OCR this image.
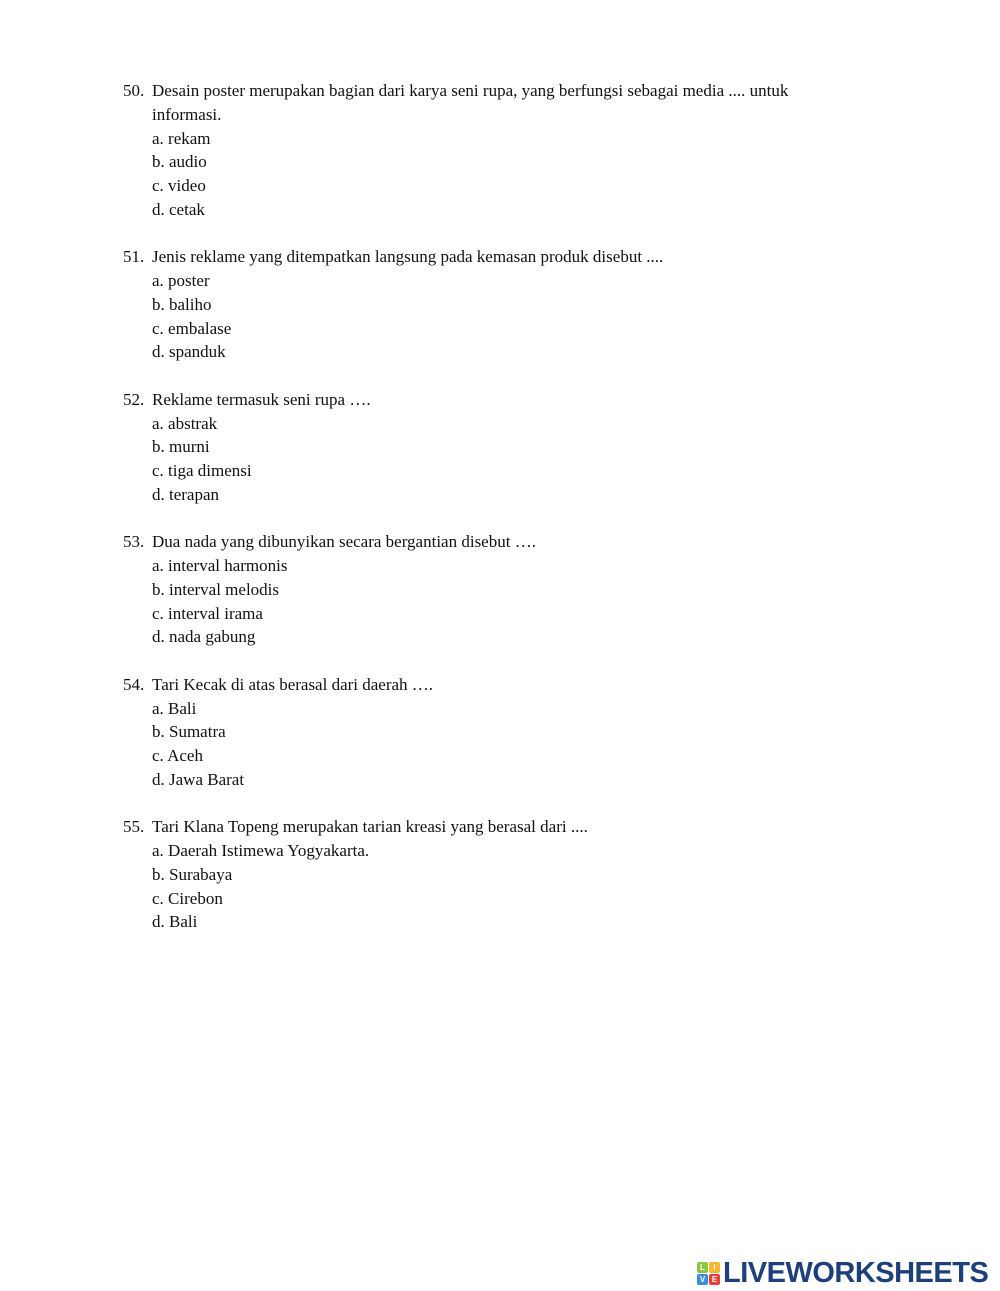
50. Desain poster merupakan bagian dari karya seni rupa, yang berfungsi sebagai media .... untuk informasi.
a. rekam
b. audio
c. video
d. cetak
51. Jenis reklame yang ditempatkan langsung pada kemasan produk disebut ....
a. poster
b. baliho
c. embalase
d. spanduk
52. Reklame termasuk seni rupa ….
a. abstrak
b. murni
c. tiga dimensi
d. terapan
53. Dua nada yang dibunyikan secara bergantian disebut ….
a. interval harmonis
b. interval melodis
c. interval irama
d. nada gabung
54. Tari Kecak di atas berasal dari daerah ….
a. Bali
b. Sumatra
c. Aceh
d. Jawa Barat
55. Tari Klana Topeng merupakan tarian kreasi yang berasal dari ....
a. Daerah Istimewa Yogyakarta.
b. Surabaya
c. Cirebon
d. Bali
L	I
V E LIVEWORKSHEETS
